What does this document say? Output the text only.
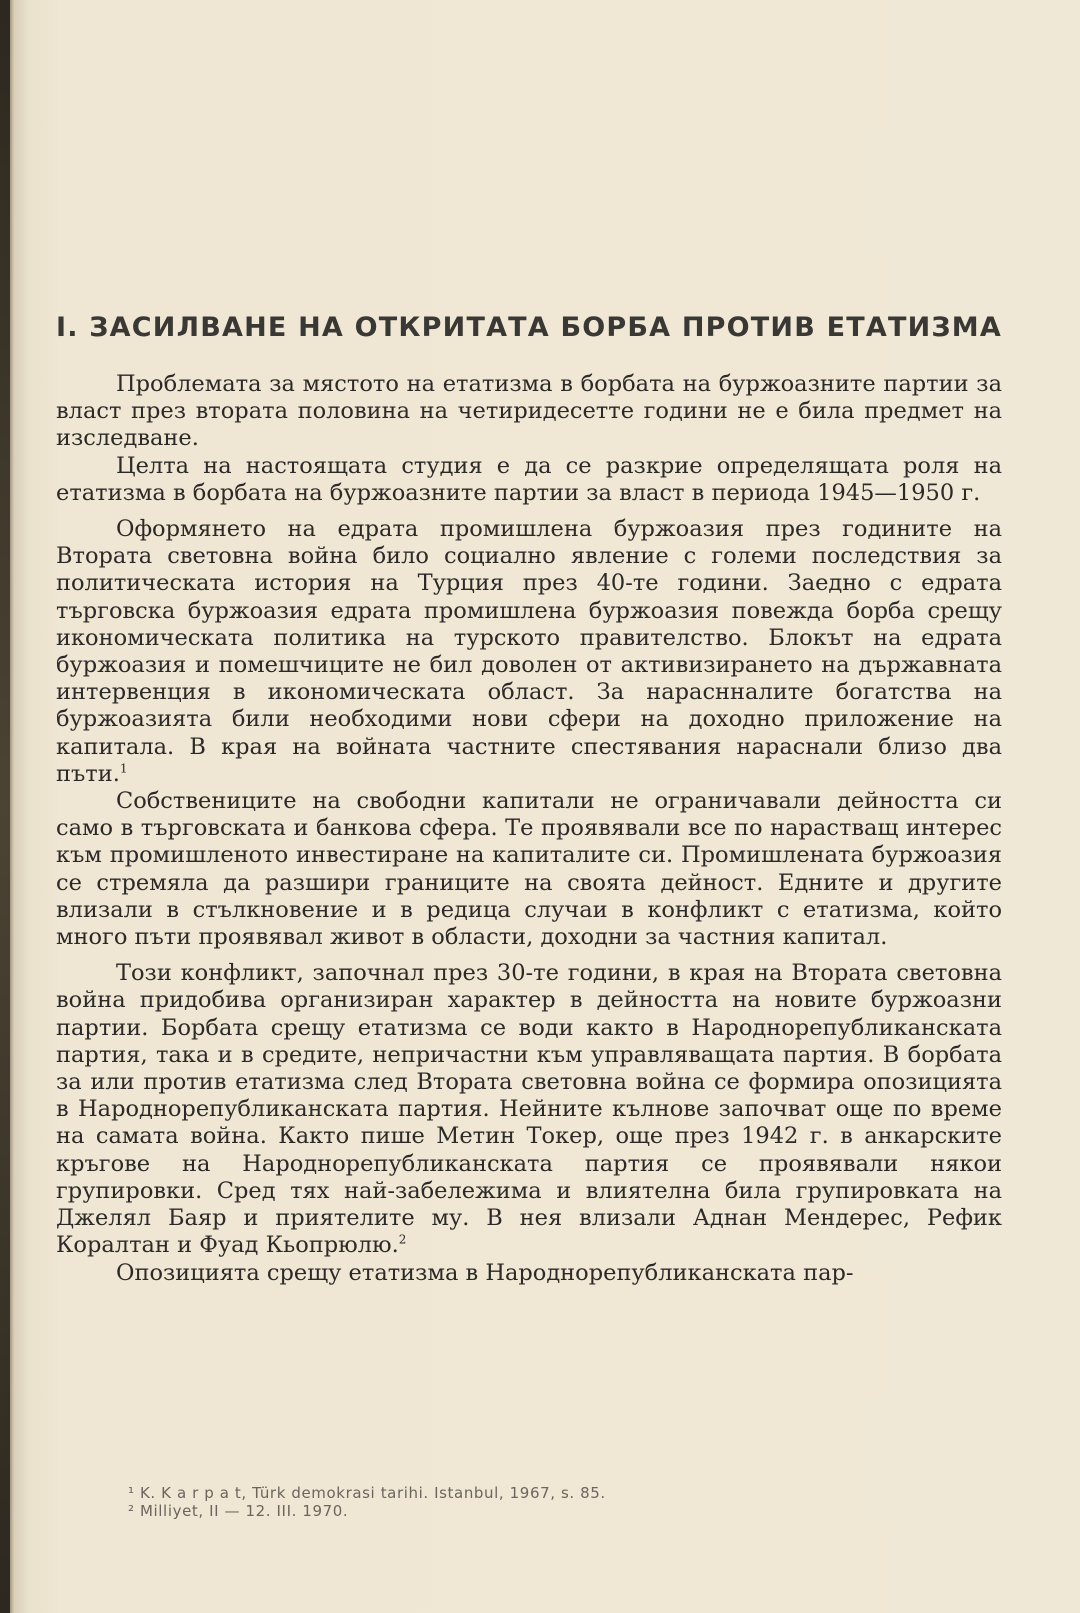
I. ЗАСИЛВАНЕ НА ОТКРИТАТА БОРБА ПРОТИВ ЕТАТИЗМА

Проблемата за мястото на етатизма в борбата на буржоазните партии за власт през втората половина на четиридесетте години не е била предмет на изследване.

Целта на настоящата студия е да се разкрие определящата роля на етатизма в борбата на буржоазните партии за власт в периода 1945—1950 г.

Оформянето на едрата промишлена буржоазия през годините на Втората световна война било социално явление с големи последствия за политическата история на Турция през 40-те години. Заедно с едрата търговска буржоазия едрата промишлена буржоазия повежда борба срещу икономическата политика на турското правителство. Блокът на едрата буржоазия и помешчиците не бил доволен от активизирането на държавната интервенция в икономическата област. За нараснналите богатства на буржоазията били необходими нови сфери на доходно приложение на капитала. В края на войната частните спестявания нараснали близо два пъти.$^1$

Собствениците на свободни капитали не ограничавали дейността си само в търговската и банкова сфера. Те проявявали все по нарастващ интерес към промишленото инвестиране на капиталите си. Промишлената буржоазия се стремяла да разшири границите на своята дейност. Едните и другите влизали в стълкновение и в редица случаи в конфликт с етатизма, който много пъти проявявал живот в области, доходни за частния капитал.

Този конфликт, започнал през 30-те години, в края на Втората световна война придобива организиран характер в дейността на новите буржоазни партии. Борбата срещу етатизма се води както в Народнорепубликанската партия, така и в средите, непричастни към управляващата партия. В борбата за или против етатизма след Втората световна война се формира опозицията в Народнорепубликанската партия. Нейните кълнове започват още по време на самата война. Както пише Метин Токер, още през 1942 г. в анкарските кръгове на Народнорепубликанската партия се проявявали някои групировки. Сред тях най-забележима и влиятелна била групировката на Джелял Баяр и приятелите му. В нея влизали Аднан Мендерес, Рефик Коралтан и Фуад Кьопрюлю.$^2$

Опозицията срещу етатизма в Народнорепубликанската пар-

¹ K. K a r p a t, Türk demokrasi tarihi. Istanbul, 1967, s. 85.

² Milliyet, II — 12. III. 1970.
